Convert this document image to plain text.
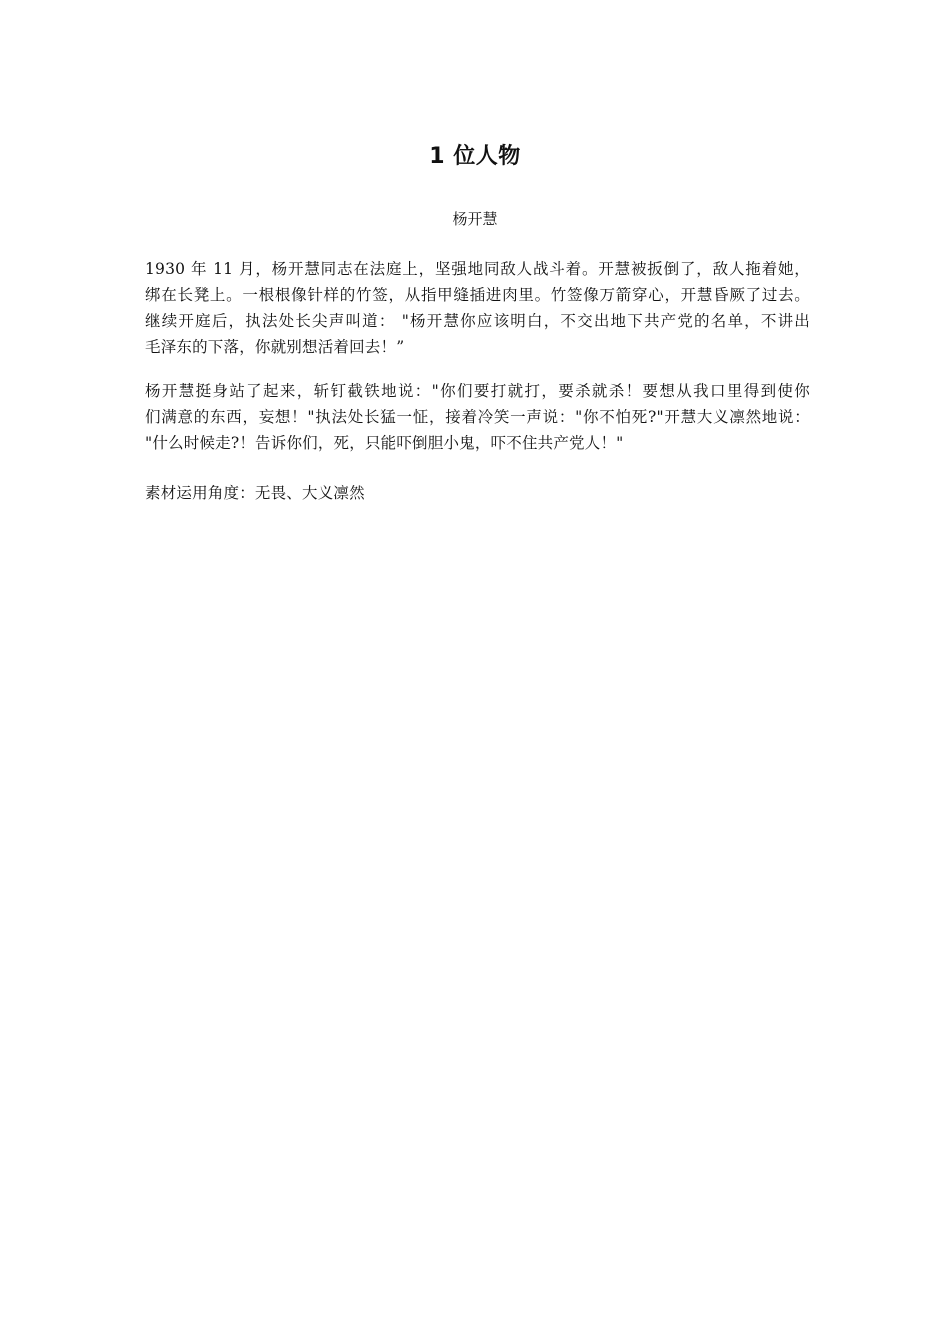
1 位人物
杨开慧
1930 年 11 月，杨开慧同志在法庭上，坚强地同敌人战斗着。开慧被扳倒了，敌人拖着她，
绑在长凳上。一根根像针样的竹签，从指甲缝插进肉里。竹签像万箭穿心，开慧昏厥了过去。
继续开庭后，执法处长尖声叫道： "杨开慧你应该明白，不交出地下共产党的名单，不讲出
毛泽东的下落，你就别想活着回去！”
杨开慧挺身站了起来，斩钉截铁地说："你们要打就打，要杀就杀！要想从我口里得到使你
们满意的东西，妄想！"执法处长猛一怔，接着冷笑一声说："你不怕死?"开慧大义凛然地说：
"什么时候走?！告诉你们，死，只能吓倒胆小鬼，吓不住共产党人！"
素材运用角度：无畏、大义凛然
